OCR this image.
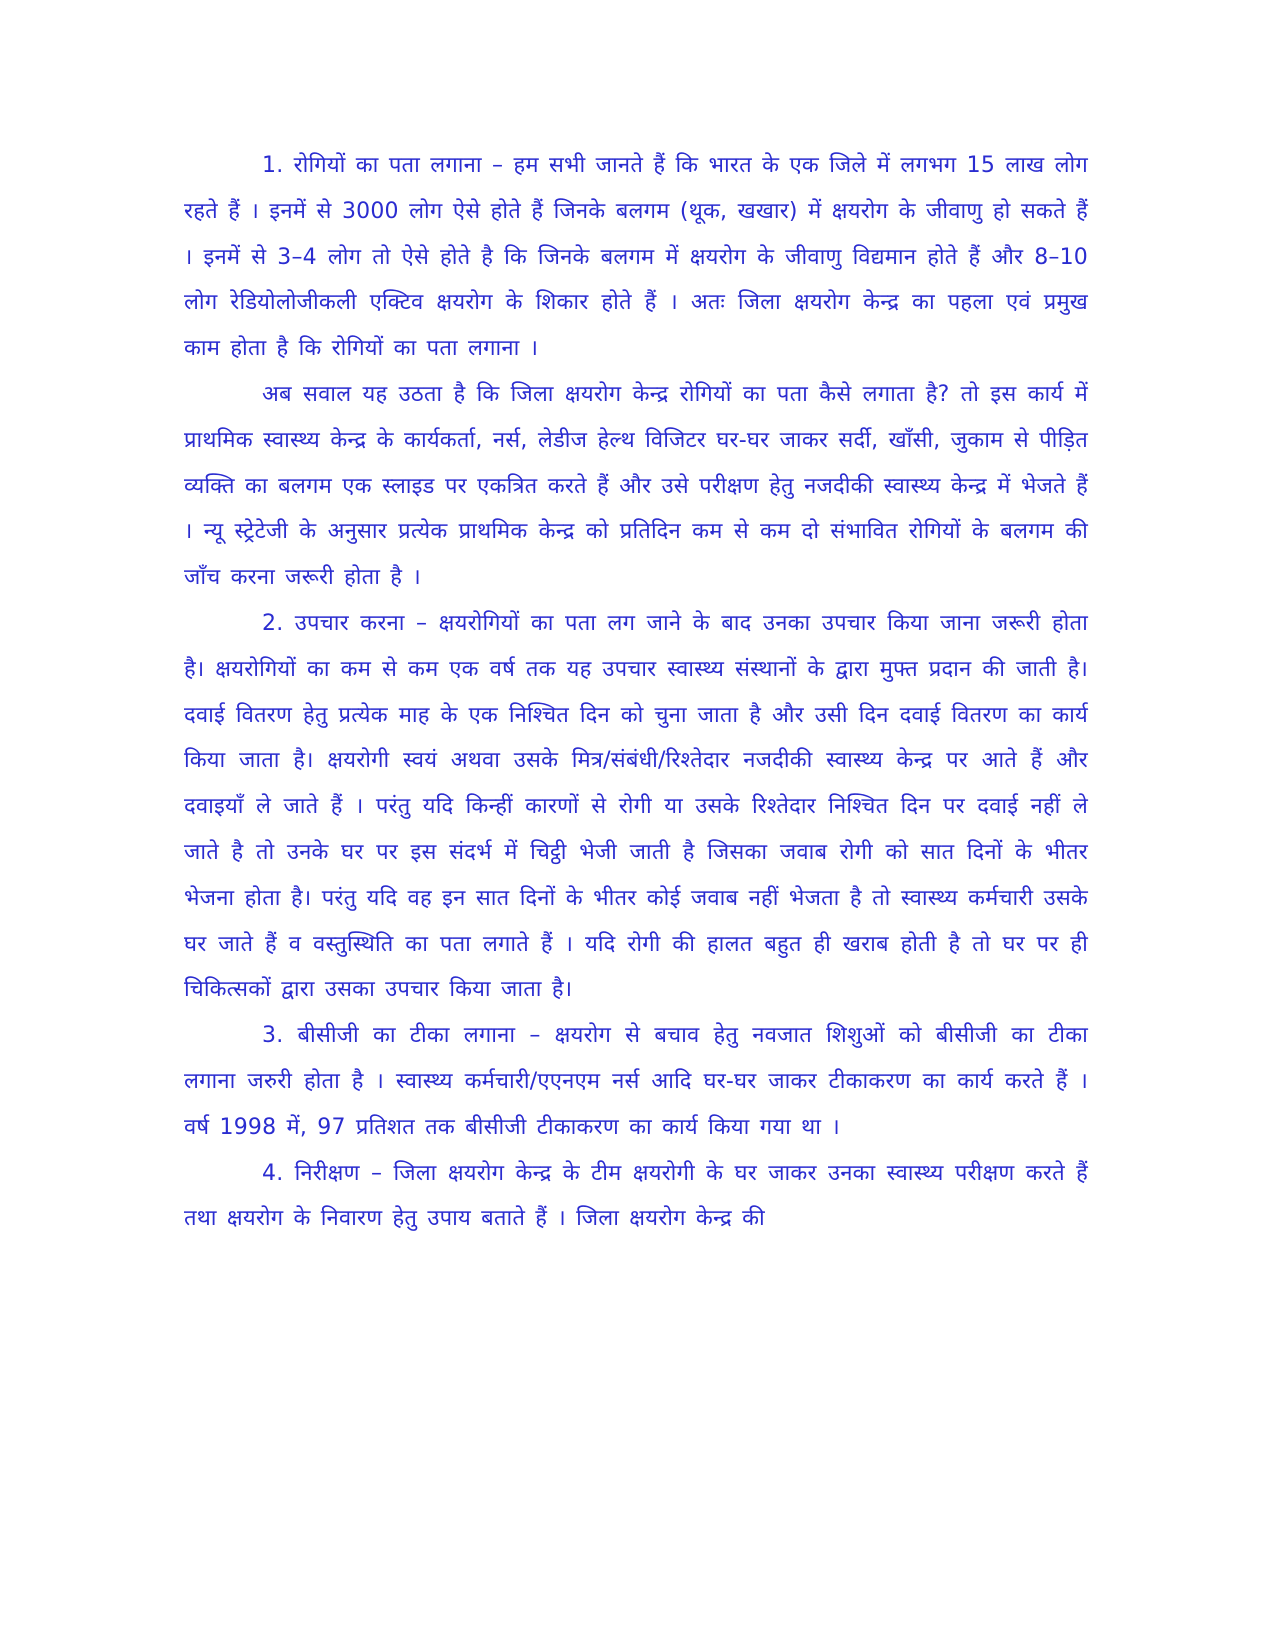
1. रोगियों का पता लगाना – हम सभी जानते हैं कि भारत के एक जिले में लगभग 15 लाख लोग रहते हैं । इनमें से 3000 लोग ऐसे होते हैं जिनके बलगम (थूक, खखार) में क्षयरोग के जीवाणु हो सकते हैं । इनमें से 3–4 लोग तो ऐसे होते है कि जिनके बलगम में क्षयरोग के जीवाणु विद्यमान होते हैं और 8–10 लोग रेडियोलोजीकली एक्टिव क्षयरोग के शिकार होते हैं । अतः जिला क्षयरोग केन्द्र का पहला एवं प्रमुख काम होता है कि रोगियों का पता लगाना ।

अब सवाल यह उठता है कि जिला क्षयरोग केन्द्र रोगियों का पता कैसे लगाता है? तो इस कार्य में प्राथमिक स्वास्थ्य केन्द्र के कार्यकर्ता, नर्स, लेडीज हेल्थ विजिटर घर-घर जाकर सर्दी, खाँसी, जुकाम से पीड़ित व्यक्ति का बलगम एक स्लाइड पर एकत्रित करते हैं और उसे परीक्षण हेतु नजदीकी स्वास्थ्य केन्द्र में भेजते हैं । न्यू स्ट्रेटेजी के अनुसार प्रत्येक प्राथमिक केन्द्र को प्रतिदिन कम से कम दो संभावित रोगियों के बलगम की जाँच करना जरूरी होता है ।

2. उपचार करना – क्षयरोगियों का पता लग जाने के बाद उनका उपचार किया जाना जरूरी होता है। क्षयरोगियों का कम से कम एक वर्ष तक यह उपचार स्वास्थ्य संस्थानों के द्वारा मुफ्त प्रदान की जाती है। दवाई वितरण हेतु प्रत्येक माह के एक निश्चित दिन को चुना जाता है और उसी दिन दवाई वितरण का कार्य किया जाता है। क्षयरोगी स्वयं अथवा उसके मित्र/संबंधी/रिश्तेदार नजदीकी स्वास्थ्य केन्द्र पर आते हैं और दवाइयाँ ले जाते हैं । परंतु यदि किन्हीं कारणों से रोगी या उसके रिश्तेदार निश्चित दिन पर दवाई नहीं ले जाते है तो उनके घर पर इस संदर्भ में चिट्ठी भेजी जाती है जिसका जवाब रोगी को सात दिनों के भीतर भेजना होता है। परंतु यदि वह इन सात दिनों के भीतर कोई जवाब नहीं भेजता है तो स्वास्थ्य कर्मचारी उसके घर जाते हैं व वस्तुस्थिति का पता लगाते हैं । यदि रोगी की हालत बहुत ही खराब होती है तो घर पर ही चिकित्सकों द्वारा उसका उपचार किया जाता है।

3. बीसीजी का टीका लगाना – क्षयरोग से बचाव हेतु नवजात शिशुओं को बीसीजी का टीका लगाना जरुरी होता है । स्वास्थ्य कर्मचारी/एएनएम नर्स आदि घर-घर जाकर टीकाकरण का कार्य करते हैं । वर्ष 1998 में, 97 प्रतिशत तक बीसीजी टीकाकरण का कार्य किया गया था ।

4. निरीक्षण – जिला क्षयरोग केन्द्र के टीम क्षयरोगी के घर जाकर उनका स्वास्थ्य परीक्षण करते हैं तथा क्षयरोग के निवारण हेतु उपाय बताते हैं । जिला क्षयरोग केन्द्र की
